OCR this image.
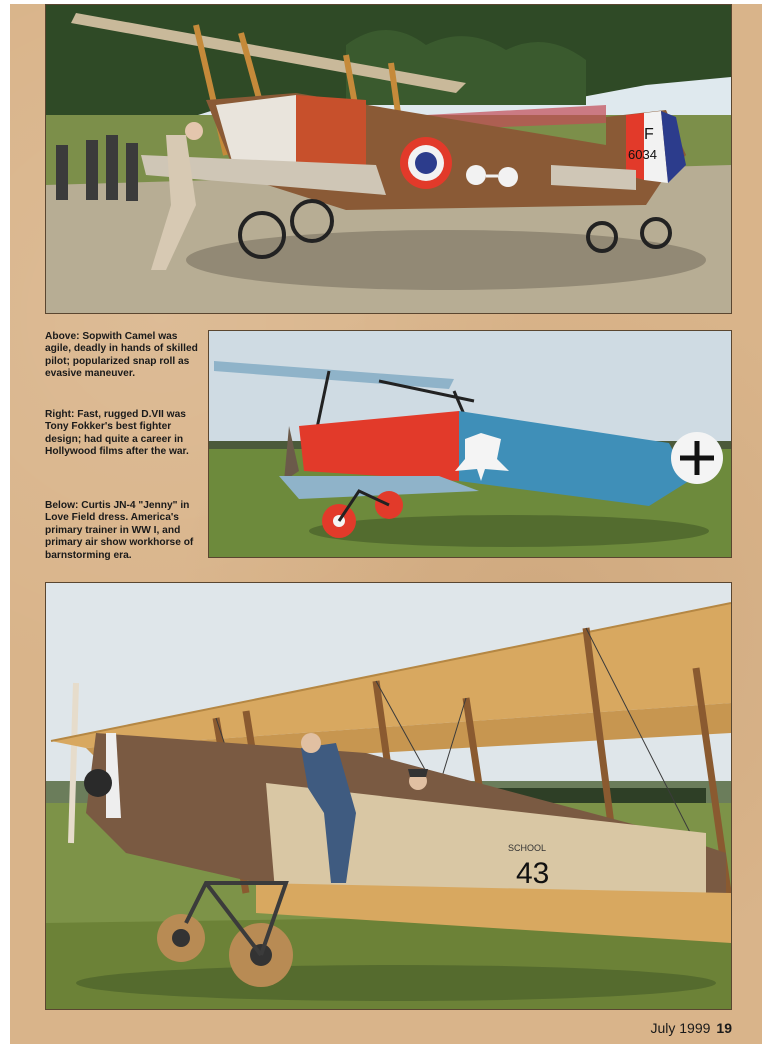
F
6034
Above: Sopwith Camel was agile, deadly in hands of skilled pilot; popularized snap roll as evasive maneuver.
Right: Fast, rugged D.VII was Tony Fokker's best fighter design; had quite a career in Hollywood films after the war.
Below: Curtis JN-4 "Jenny" in Love Field dress. America's primary trainer in WW I, and primary air show workhorse of barnstorming era.
43
SCHOOL
July 1999 19
